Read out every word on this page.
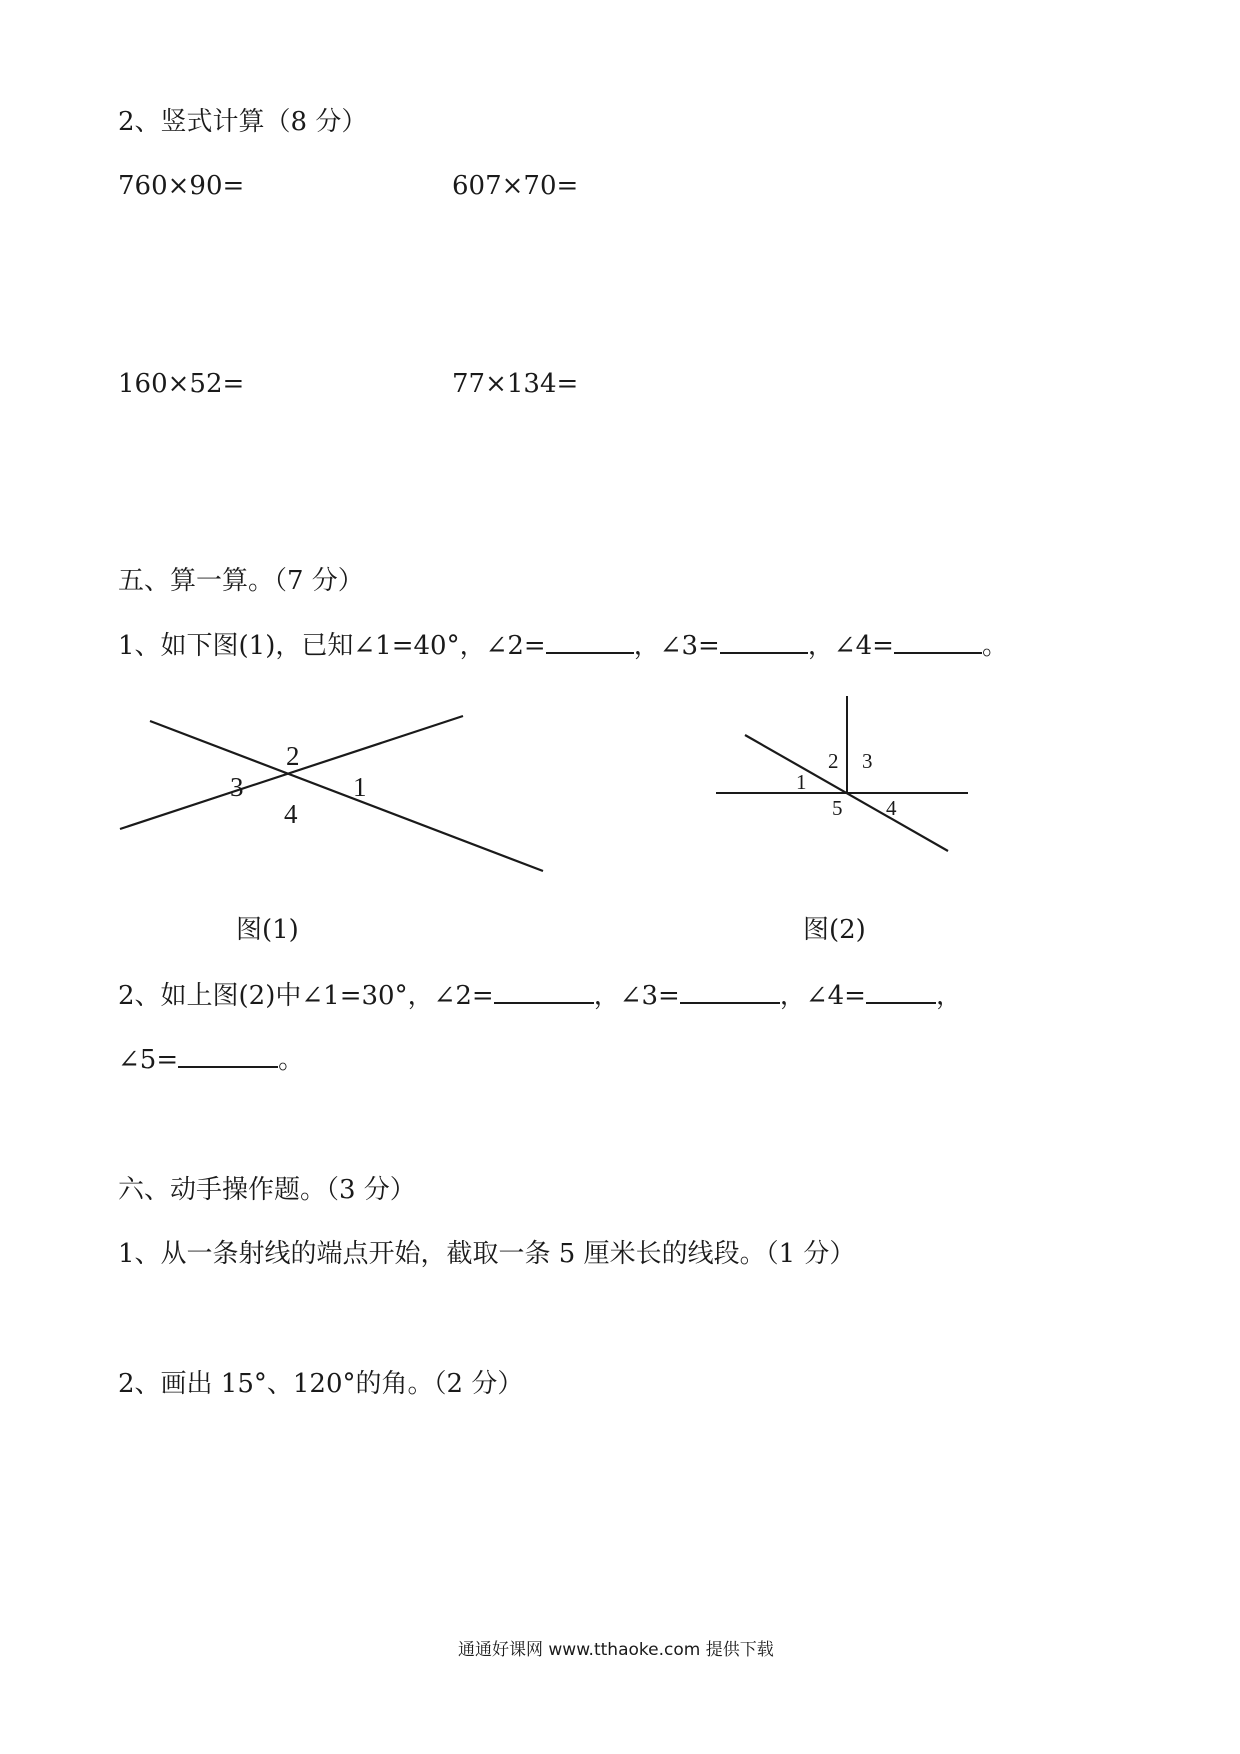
2、竖式计算（8 分）
760×90=	607×70=
160×52=	77×134=
五、算一算。（7 分）
1、如下图(1)，已知∠1=40°，∠2=	，∠3=	，∠4=	。
2
3	1
4
2 3
1
5 4
图(1)	图(2)
2、如上图(2)中∠1=30°，∠2=	，∠3=	，∠4=	，
∠5=	。
六、动手操作题。（3 分）
1、从一条射线的端点开始，截取一条 5 厘米长的线段。（1 分）
2、画出 15°、120°的角。（2 分）
通通好课网 www.tthaoke.com 提供下载
